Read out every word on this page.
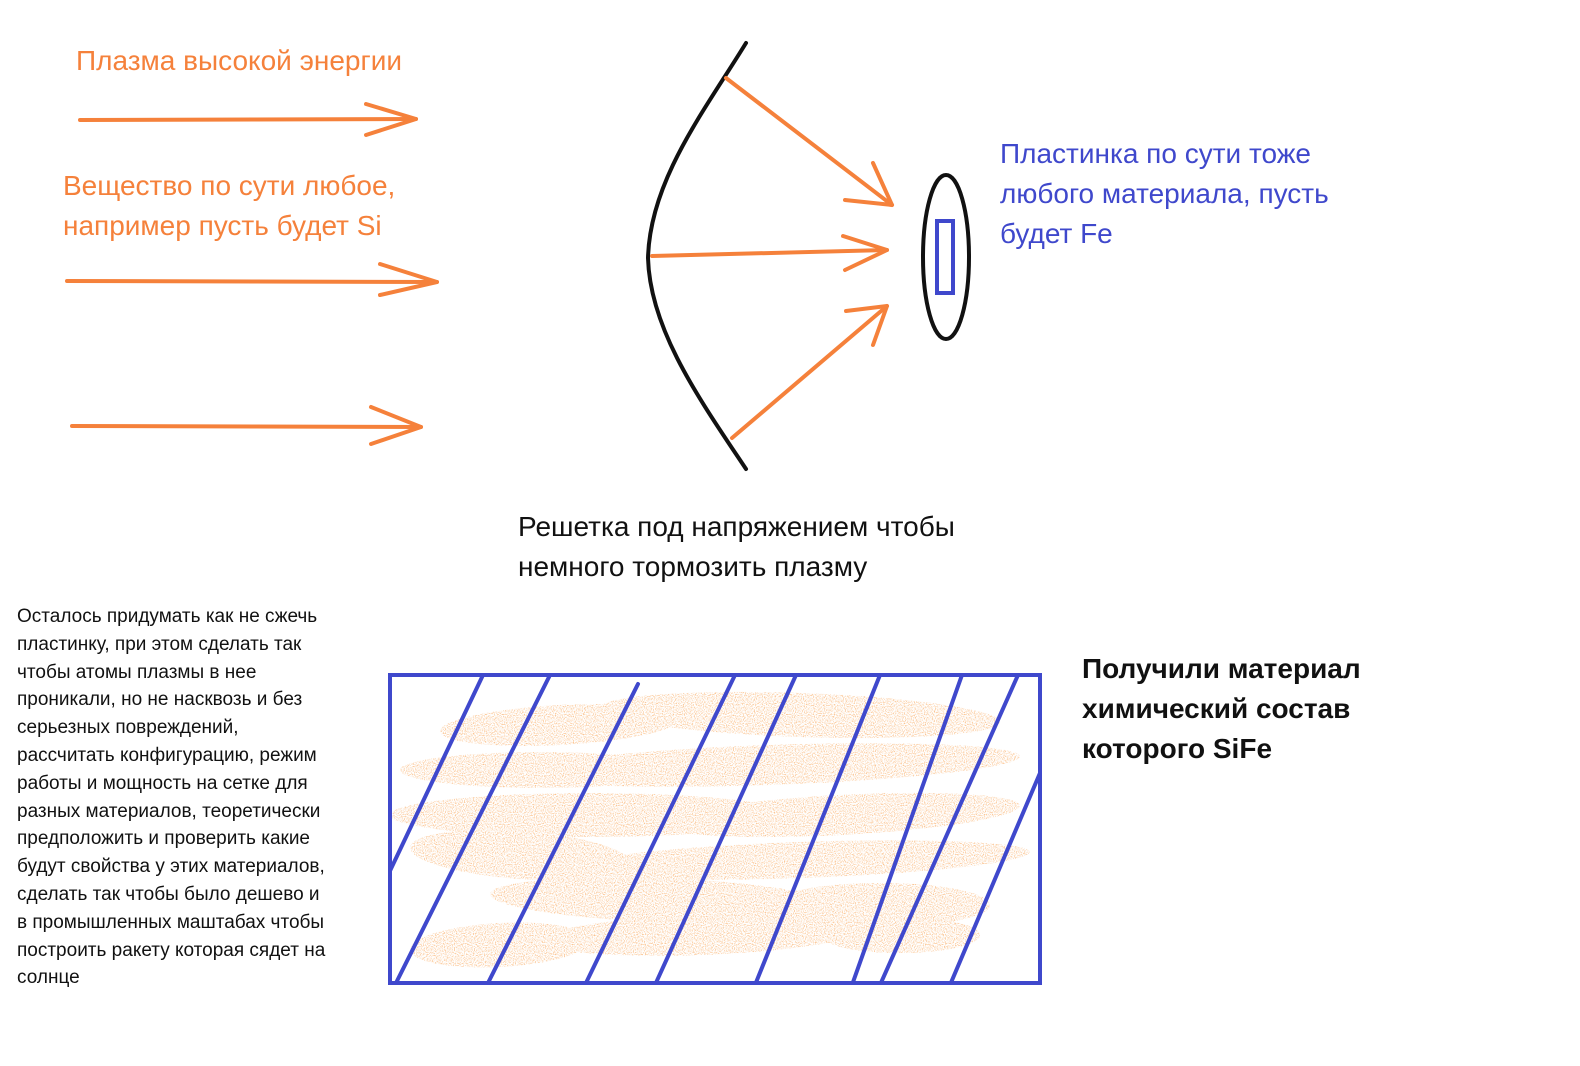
Плазма высокой энергии
Вещество по сути любое,
например пусть будет Si
Пластинка по сути тоже
любого материала, пусть
будет Fe
Решетка под напряжением чтобы
немного тормозить плазму
Осталось придумать как не сжечь
пластинку, при этом сделать так
чтобы атомы плазмы в нее
проникали, но не насквозь и без
серьезных повреждений,
рассчитать конфигурацию, режим
работы и мощность на сетке для
разных материалов, теоретически
предположить и проверить какие
будут свойства у этих материалов,
сделать так чтобы было дешево и
в промышленных маштабах чтобы
построить ракету которая сядет на
солнце
Получили материал
химический состав
которого SiFe
